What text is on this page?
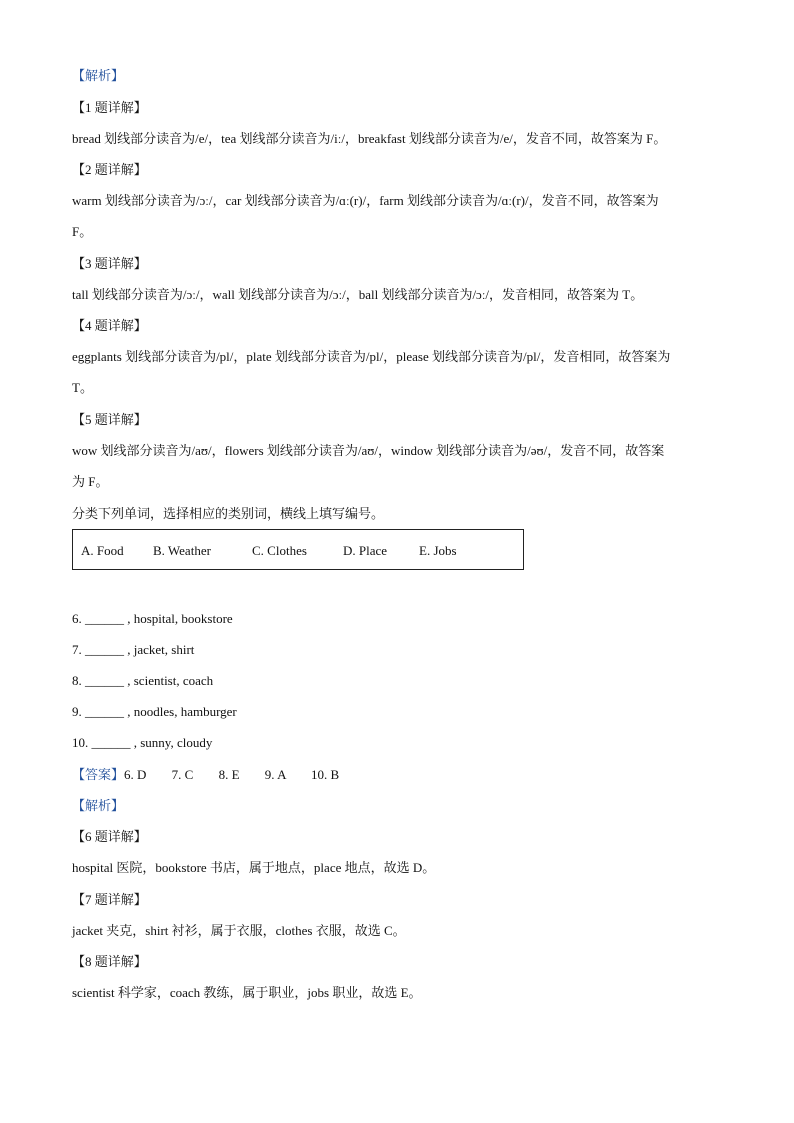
【解析】
【1 题详解】
bread 划线部分读音为/e/，tea 划线部分读音为/iː/，breakfast 划线部分读音为/e/，发音不同，故答案为 F。
【2 题详解】
warm 划线部分读音为/ɔː/，car 划线部分读音为/ɑː(r)/，farm 划线部分读音为/ɑː(r)/，发音不同，故答案为
F。
【3 题详解】
tall 划线部分读音为/ɔː/，wall 划线部分读音为/ɔː/，ball 划线部分读音为/ɔː/，发音相同，故答案为 T。
【4 题详解】
eggplants 划线部分读音为/pl/，plate 划线部分读音为/pl/，please 划线部分读音为/pl/，发音相同，故答案为
T。
【5 题详解】
wow 划线部分读音为/aʊ/，flowers 划线部分读音为/aʊ/，window 划线部分读音为/əʊ/，发音不同，故答案
为 F。
分类下列单词，选择相应的类别词，横线上填写编号。
A. Food B. Weather	C. Clothes	D. Place E. Jobs
6. ______ , hospital, bookstore
7. ______ , jacket, shirt
8. ______ , scientist, coach
9. ______ , noodles, hamburger
10. ______ , sunny, cloudy
【答案】6. D 7. C 8. E 9. A 10. B
【解析】
【6 题详解】
hospital 医院，bookstore 书店，属于地点，place 地点，故选 D。
【7 题详解】
jacket 夹克，shirt 衬衫，属于衣服，clothes 衣服，故选 C。
【8 题详解】
scientist 科学家，coach 教练，属于职业，jobs 职业，故选 E。
